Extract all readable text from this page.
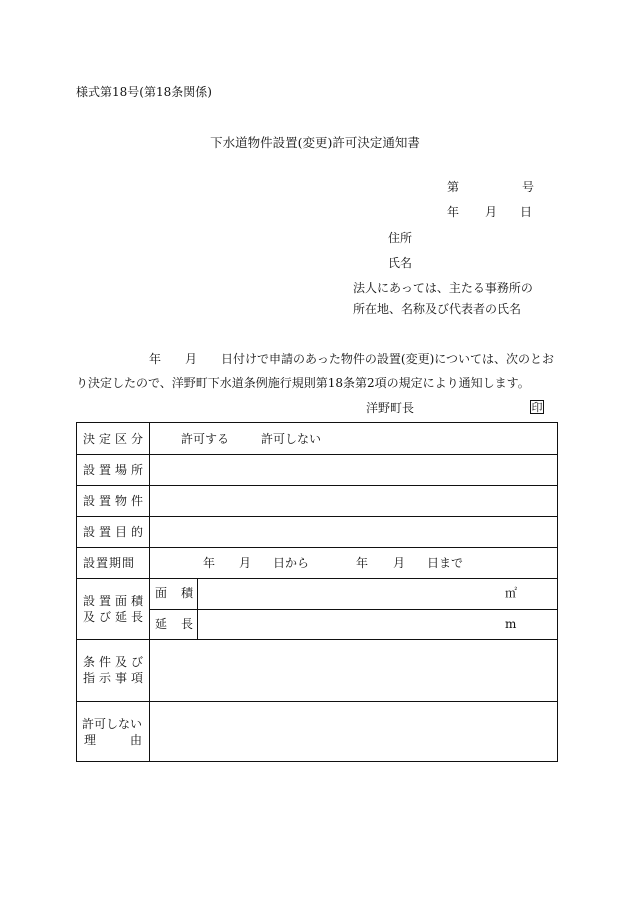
様式第18号(第18条関係)
下水道物件設置(変更)許可決定通知書
第	号
年 月 日
住所
氏名
法人にあっては、主たる事務所の
所在地、名称及び代表者の氏名
年 月 日付けで申請のあった物件の設置(変更)については、次のとお
り決定したので、洋野町下水道条例施行規則第18条第2項の規定により通知します。
洋野町長	印
決定区分	許可する	許可しない
設置場所
設置物件
設置目的
設置期間	年 月 日から	年 月 日まで
設置面積
及び延長
面積	㎡
延長	m
条件及び
指示事項
許可しない
理	由
